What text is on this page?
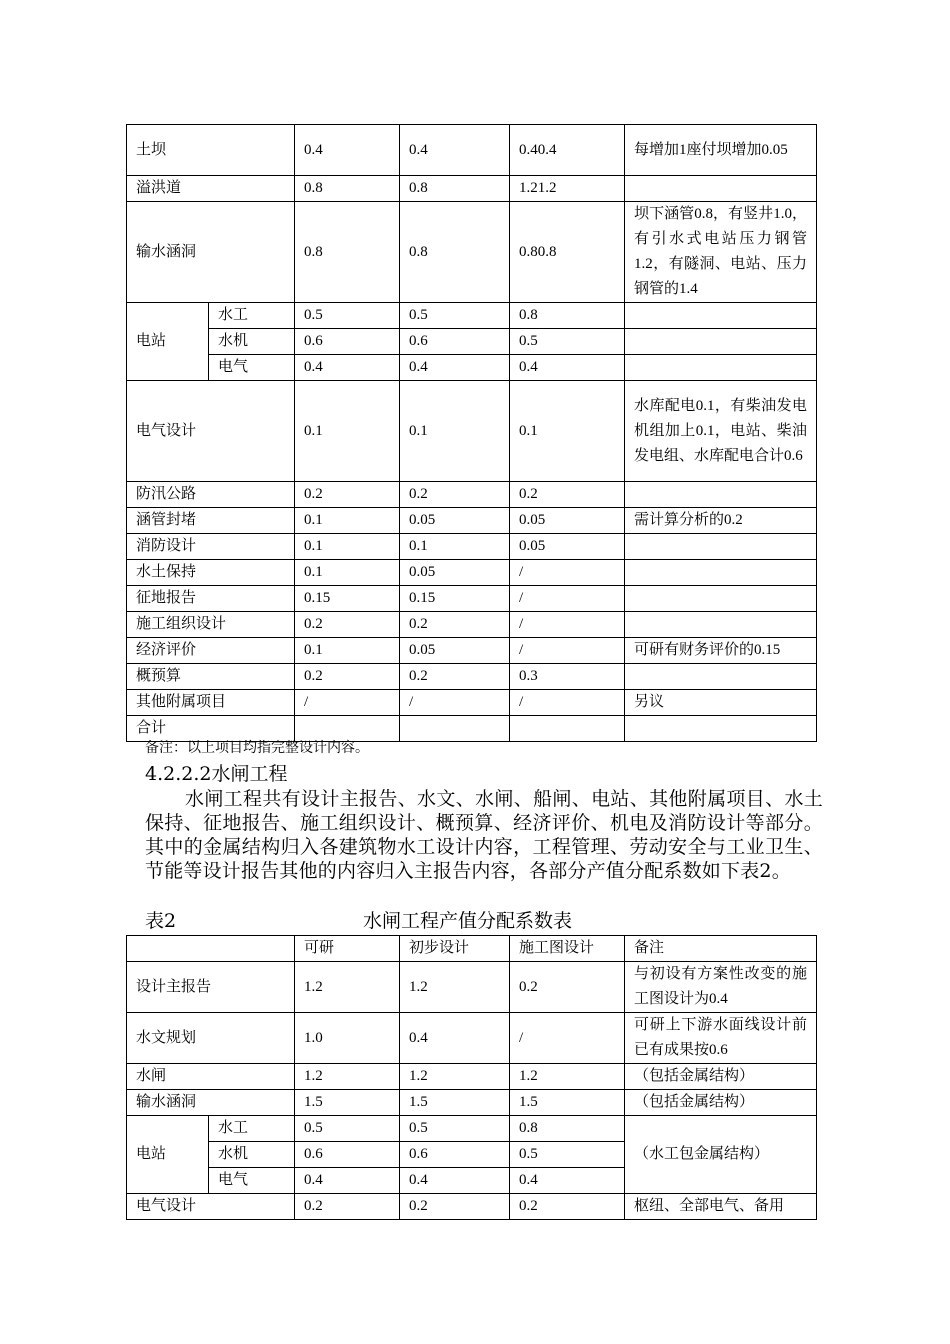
土坝		0.4	0.4	0.40.4	每增加1座付坝增加0.05
溢洪道		0.8	0.8	1.21.2	
输水涵洞		0.8	0.8	0.80.8	坝下涵管0.8，有竖井1.0，有引水式电站压力钢管1.2，有隧洞、电站、压力钢管的1.4
电站	水工	0.5	0.5	0.8	
	水机	0.6	0.6	0.5	
	电气	0.4	0.4	0.4	
电气设计		0.1	0.1	0.1	水库配电0.1，有柴油发电机组加上0.1，电站、柴油发电组、水库配电合计0.6
防汛公路		0.2	0.2	0.2	
涵管封堵		0.1	0.05	0.05	需计算分析的0.2
消防设计		0.1	0.1	0.05	
水土保持		0.1	0.05	/	
征地报告		0.15	0.15	/	
施工组织设计		0.2	0.2	/	
经济评价		0.1	0.05	/	可研有财务评价的0.15
概预算		0.2	0.2	0.3	
其他附属项目		/	/	/	另议
合计					
备注：以上项目均指完整设计内容。
4.2.2.2水闸工程
水闸工程共有设计主报告、水文、水闸、船闸、电站、其他附属项目、水土保持、征地报告、施工组织设计、概预算、经济评价、机电及消防设计等部分。其中的金属结构归入各建筑物水工设计内容，工程管理、劳动安全与工业卫生、节能等设计报告其他的内容归入主报告内容，各部分产值分配系数如下表2。
表2	水闸工程产值分配系数表
		可研	初步设计	施工图设计	备注
设计主报告		1.2	1.2	0.2	与初设有方案性改变的施工图设计为0.4
水文规划		1.0	0.4	/	可研上下游水面线设计前已有成果按0.6
水闸		1.2	1.2	1.2	（包括金属结构）
输水涵洞		1.5	1.5	1.5	（包括金属结构）
电站	水工	0.5	0.5	0.8	（水工包金属结构）
	水机	0.6	0.6	0.5	
	电气	0.4	0.4	0.4	
电气设计		0.2	0.2	0.2	枢纽、全部电气、备用
